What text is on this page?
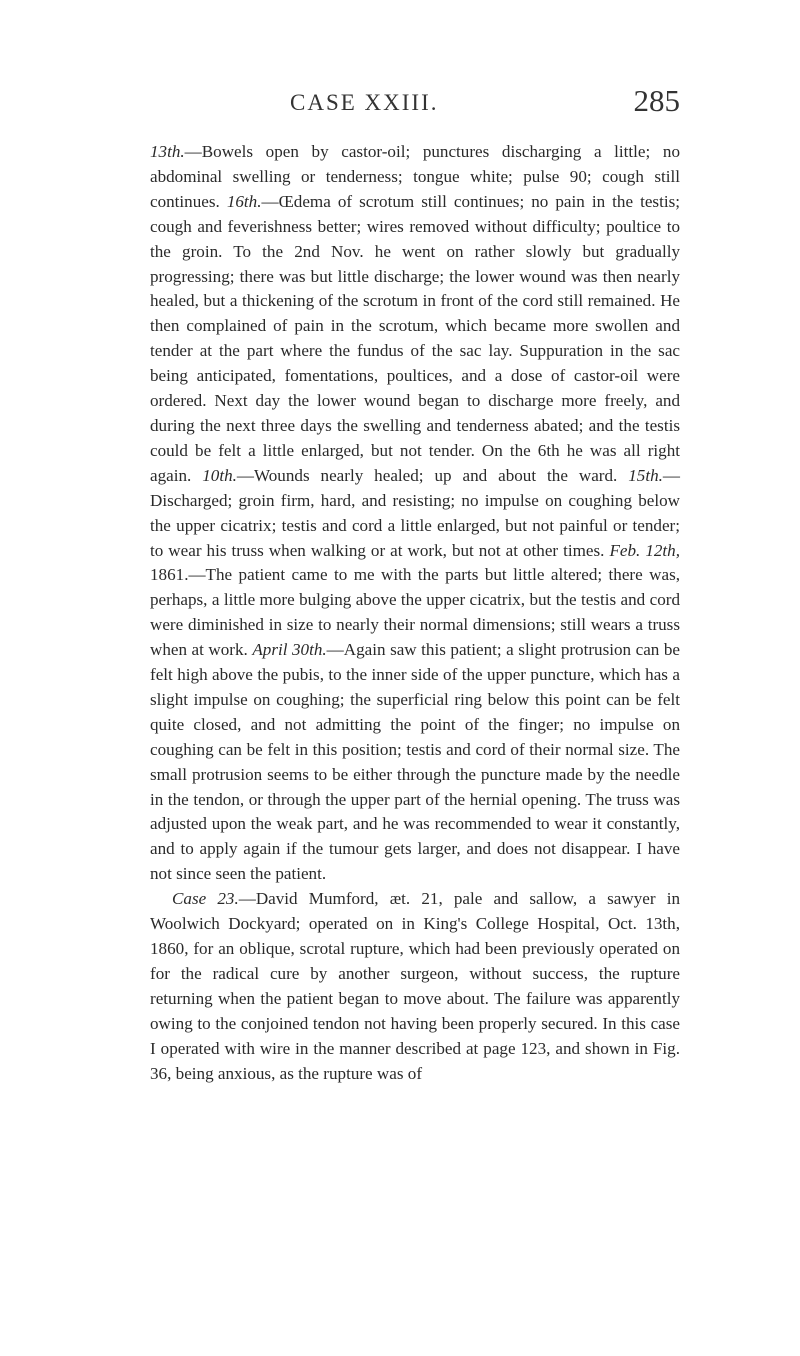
CASE XXIII.	285

13th.—Bowels open by castor-oil; punctures discharging a little; no abdominal swelling or tenderness; tongue white; pulse 90; cough still continues. 16th.—Œdema of scrotum still continues; no pain in the testis; cough and feverishness better; wires removed without difficulty; poultice to the groin. To the 2nd Nov. he went on rather slowly but gradually progressing; there was but little discharge; the lower wound was then nearly healed, but a thickening of the scrotum in front of the cord still remained. He then complained of pain in the scrotum, which became more swollen and tender at the part where the fundus of the sac lay. Suppuration in the sac being anticipated, fomentations, poultices, and a dose of castor-oil were ordered. Next day the lower wound began to discharge more freely, and during the next three days the swelling and tenderness abated; and the testis could be felt a little enlarged, but not tender. On the 6th he was all right again. 10th.—Wounds nearly healed; up and about the ward. 15th.—Discharged; groin firm, hard, and resisting; no impulse on coughing below the upper cicatrix; testis and cord a little enlarged, but not painful or tender; to wear his truss when walking or at work, but not at other times. Feb. 12th, 1861.—The patient came to me with the parts but little altered; there was, perhaps, a little more bulging above the upper cicatrix, but the testis and cord were diminished in size to nearly their normal dimensions; still wears a truss when at work. April 30th.—Again saw this patient; a slight protrusion can be felt high above the pubis, to the inner side of the upper puncture, which has a slight impulse on coughing; the superficial ring below this point can be felt quite closed, and not admitting the point of the finger; no impulse on coughing can be felt in this position; testis and cord of their normal size. The small protrusion seems to be either through the puncture made by the needle in the tendon, or through the upper part of the hernial opening. The truss was adjusted upon the weak part, and he was recommended to wear it constantly, and to apply again if the tumour gets larger, and does not disappear. I have not since seen the patient.

Case 23.—David Mumford, æt. 21, pale and sallow, a sawyer in Woolwich Dockyard; operated on in King's College Hospital, Oct. 13th, 1860, for an oblique, scrotal rupture, which had been previously operated on for the radical cure by another surgeon, without success, the rupture returning when the patient began to move about. The failure was apparently owing to the conjoined tendon not having been properly secured. In this case I operated with wire in the manner described at page 123, and shown in Fig. 36, being anxious, as the rupture was of
